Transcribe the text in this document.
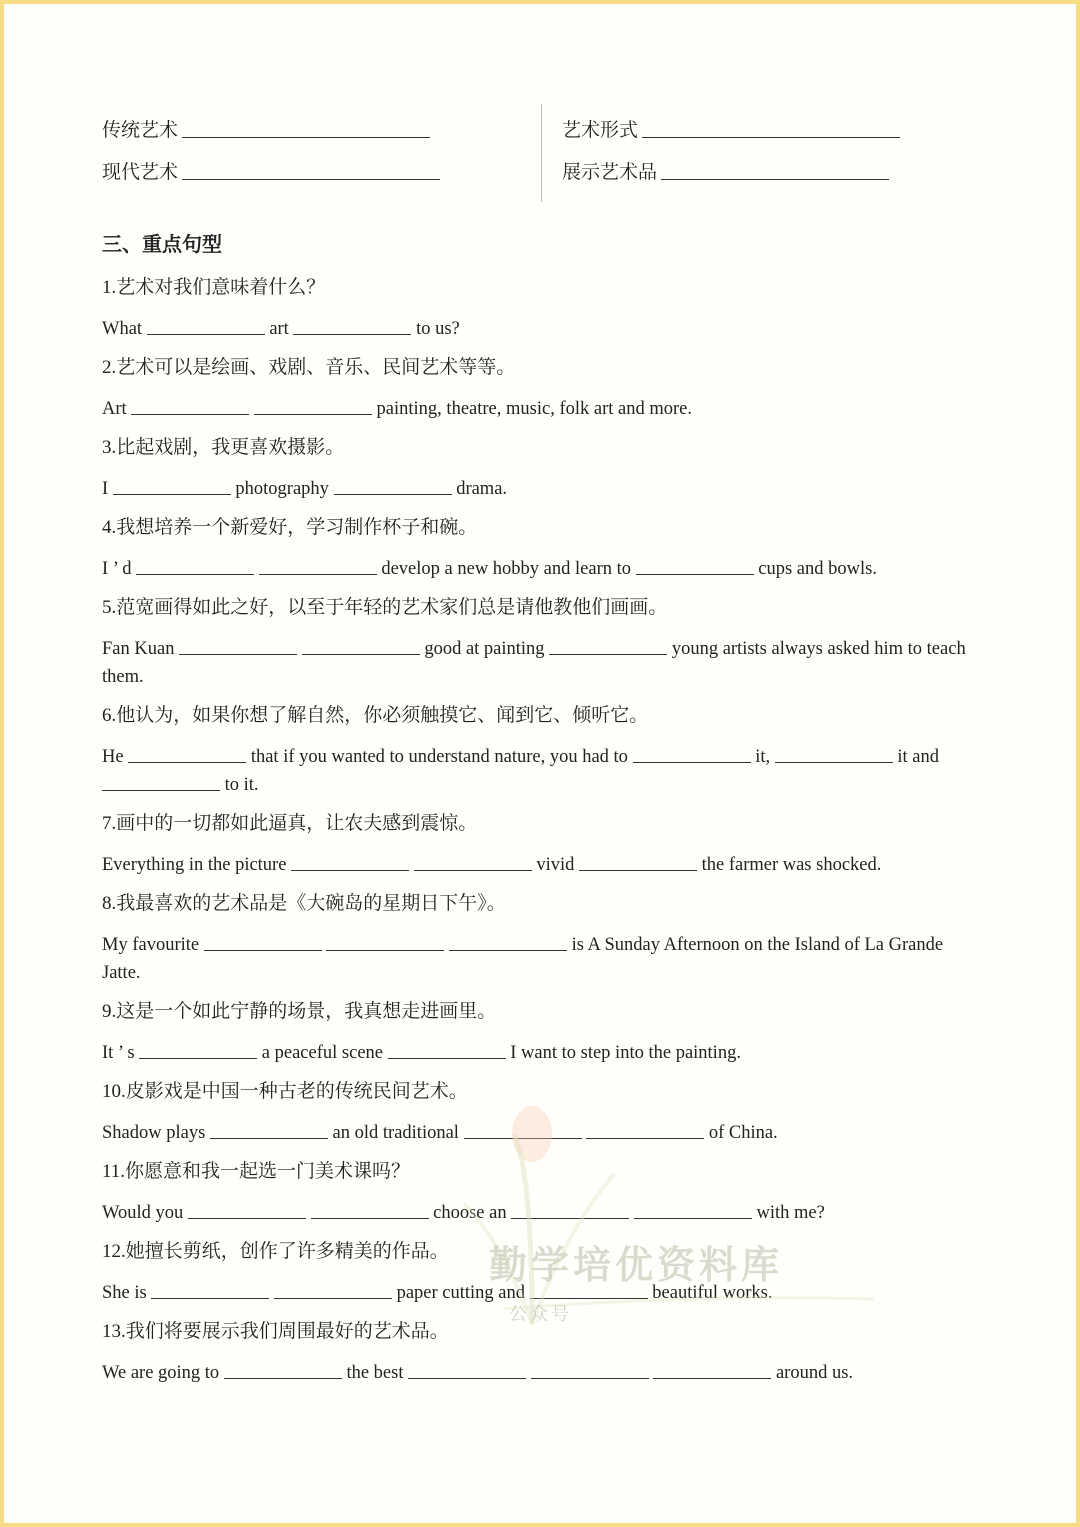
传统艺术
现代艺术
艺术形式
展示艺术品
三、重点句型
1.艺术对我们意味着什么？
What	art	to us?
2.艺术可以是绘画、戏剧、音乐、民间艺术等等。
Art	painting, theatre, music, folk art and more.
3.比起戏剧，我更喜欢摄影。
I	photography	drama.
4.我想培养一个新爱好，学习制作杯子和碗。
I ’ d	develop a new hobby and learn to	cups and bowls.
5.范宽画得如此之好，以至于年轻的艺术家们总是请他教他们画画。
Fan Kuan	good at painting	young artists always asked him to teach them.
6.他认为，如果你想了解自然，你必须触摸它、闻到它、倾听它。
He	that if you wanted to understand nature, you had to	it,	it and  to it.
7.画中的一切都如此逼真，让农夫感到震惊。
Everything in the picture	vivid	the farmer was shocked.
8.我最喜欢的艺术品是《大碗岛的星期日下午》。
My favourite	is A Sunday Afternoon on the Island of La Grande Jatte.
9.这是一个如此宁静的场景，我真想走进画里。
It ’ s	a peaceful scene	I want to step into the painting.
10.皮影戏是中国一种古老的传统民间艺术。
Shadow plays	an old traditional	of China.
11.你愿意和我一起选一门美术课吗？
Would you	choose an	with me?
12.她擅长剪纸，创作了许多精美的作品。
She is	paper cutting and	beautiful works.
13.我们将要展示我们周围最好的艺术品。
We are going to	the best	around us.
勤学培优资料库
公众号
